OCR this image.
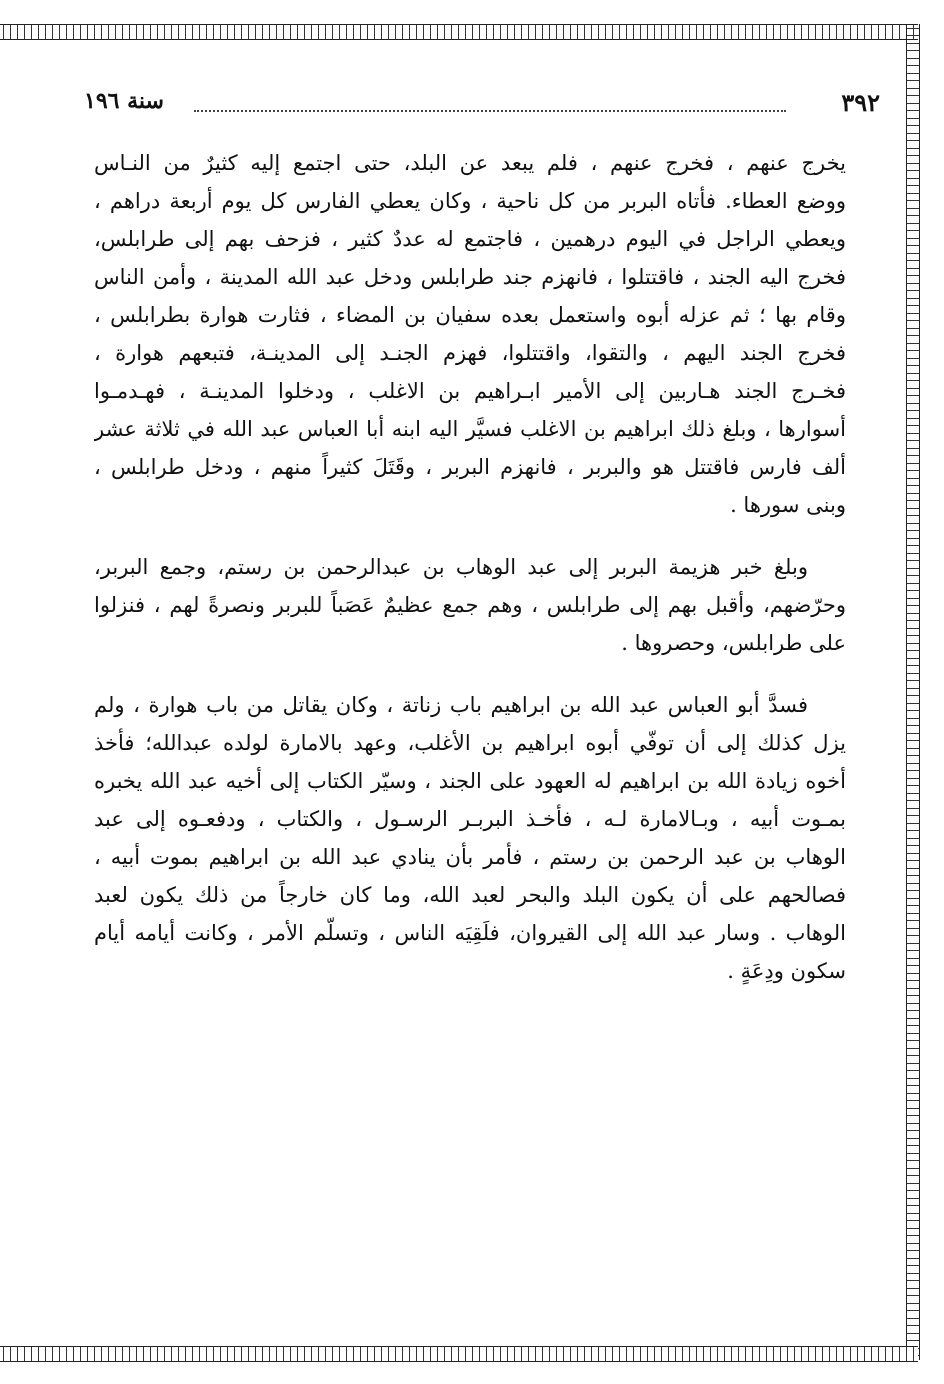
٣٩٢
سنة ١٩٦
يخرج عنهم ، فخرج عنهم ، فلم يبعد عن البلد، حتى اجتمع إليه كثيرٌ من النـاس
ووضع العطاء. فأتاه البربر من كل ناحية ، وكان يعطي الفارس كل يوم أربعة دراهم ،
ويعطي الراجل في اليوم درهمين ، فاجتمع له عددٌ كثير ، فزحف بهم إلى طرابلس،
فخرج اليه الجند ، فاقتتلوا ، فانهزم جند طرابلس ودخل عبد الله المدينة ، وأمن الناس
وقام بها ؛ ثم عزله أبوه واستعمل بعده سفيان بن المضاء ، فثارت هوارة بطرابلس ،
فخرج الجند اليهم ، والتقوا، واقتتلوا، فهزم الجنـد إلى المدينـة، فتبعهم هوارة ،
فخـرج الجند هـاربين إلى الأمير ابـراهيم بن الاغلب ، ودخلوا المدينـة ، فهـدمـوا
أسوارها ، وبلغ ذلك ابراهيم بن الاغلب فسيَّر اليه ابنه أبا العباس عبد الله في ثلاثة عشر
ألف فارس فاقتتل هو والبربر ، فانهزم البربر ، وقَتَلَ كثيراً منهم ، ودخل طرابلس ،
وبنى سورها .
وبلغ خبر هزيمة البربر إلى عبد الوهاب بن عبدالرحمن بن رستم، وجمع البربر،
وحرّضهم، وأقبل بهم إلى طرابلس ، وهم جمع عظيمٌ عَصَباً للبربر ونصرةً لهم ، فنزلوا
على طرابلس، وحصروها .
فسدَّ أبو العباس عبد الله بن ابراهيم باب زناتة ، وكان يقاتل من باب هوارة ، ولم
يزل كذلك إلى أن توفّي أبوه ابراهيم بن الأغلب، وعهد بالامارة لولده عبدالله؛ فأخذ
أخوه زيادة الله بن ابراهيم له العهود على الجند ، وسيّر الكتاب إلى أخيه عبد الله يخبره
بمـوت أبيه ، وبـالامارة لـه ، فأخـذ البربـر الرسـول ، والكتاب ، ودفعـوه إلى عبد
الوهاب بن عبد الرحمن بن رستم ، فأمر بأن ينادي عبد الله بن ابراهيم بموت أبيه ،
فصالحهم على أن يكون البلد والبحر لعبد الله، وما كان خارجاً من ذلك يكون لعبد
الوهاب . وسار عبد الله إلى القيروان، فلَقِيَه الناس ، وتسلّم الأمر ، وكانت أيامه أيام
سكون ودِعَةٍ .
